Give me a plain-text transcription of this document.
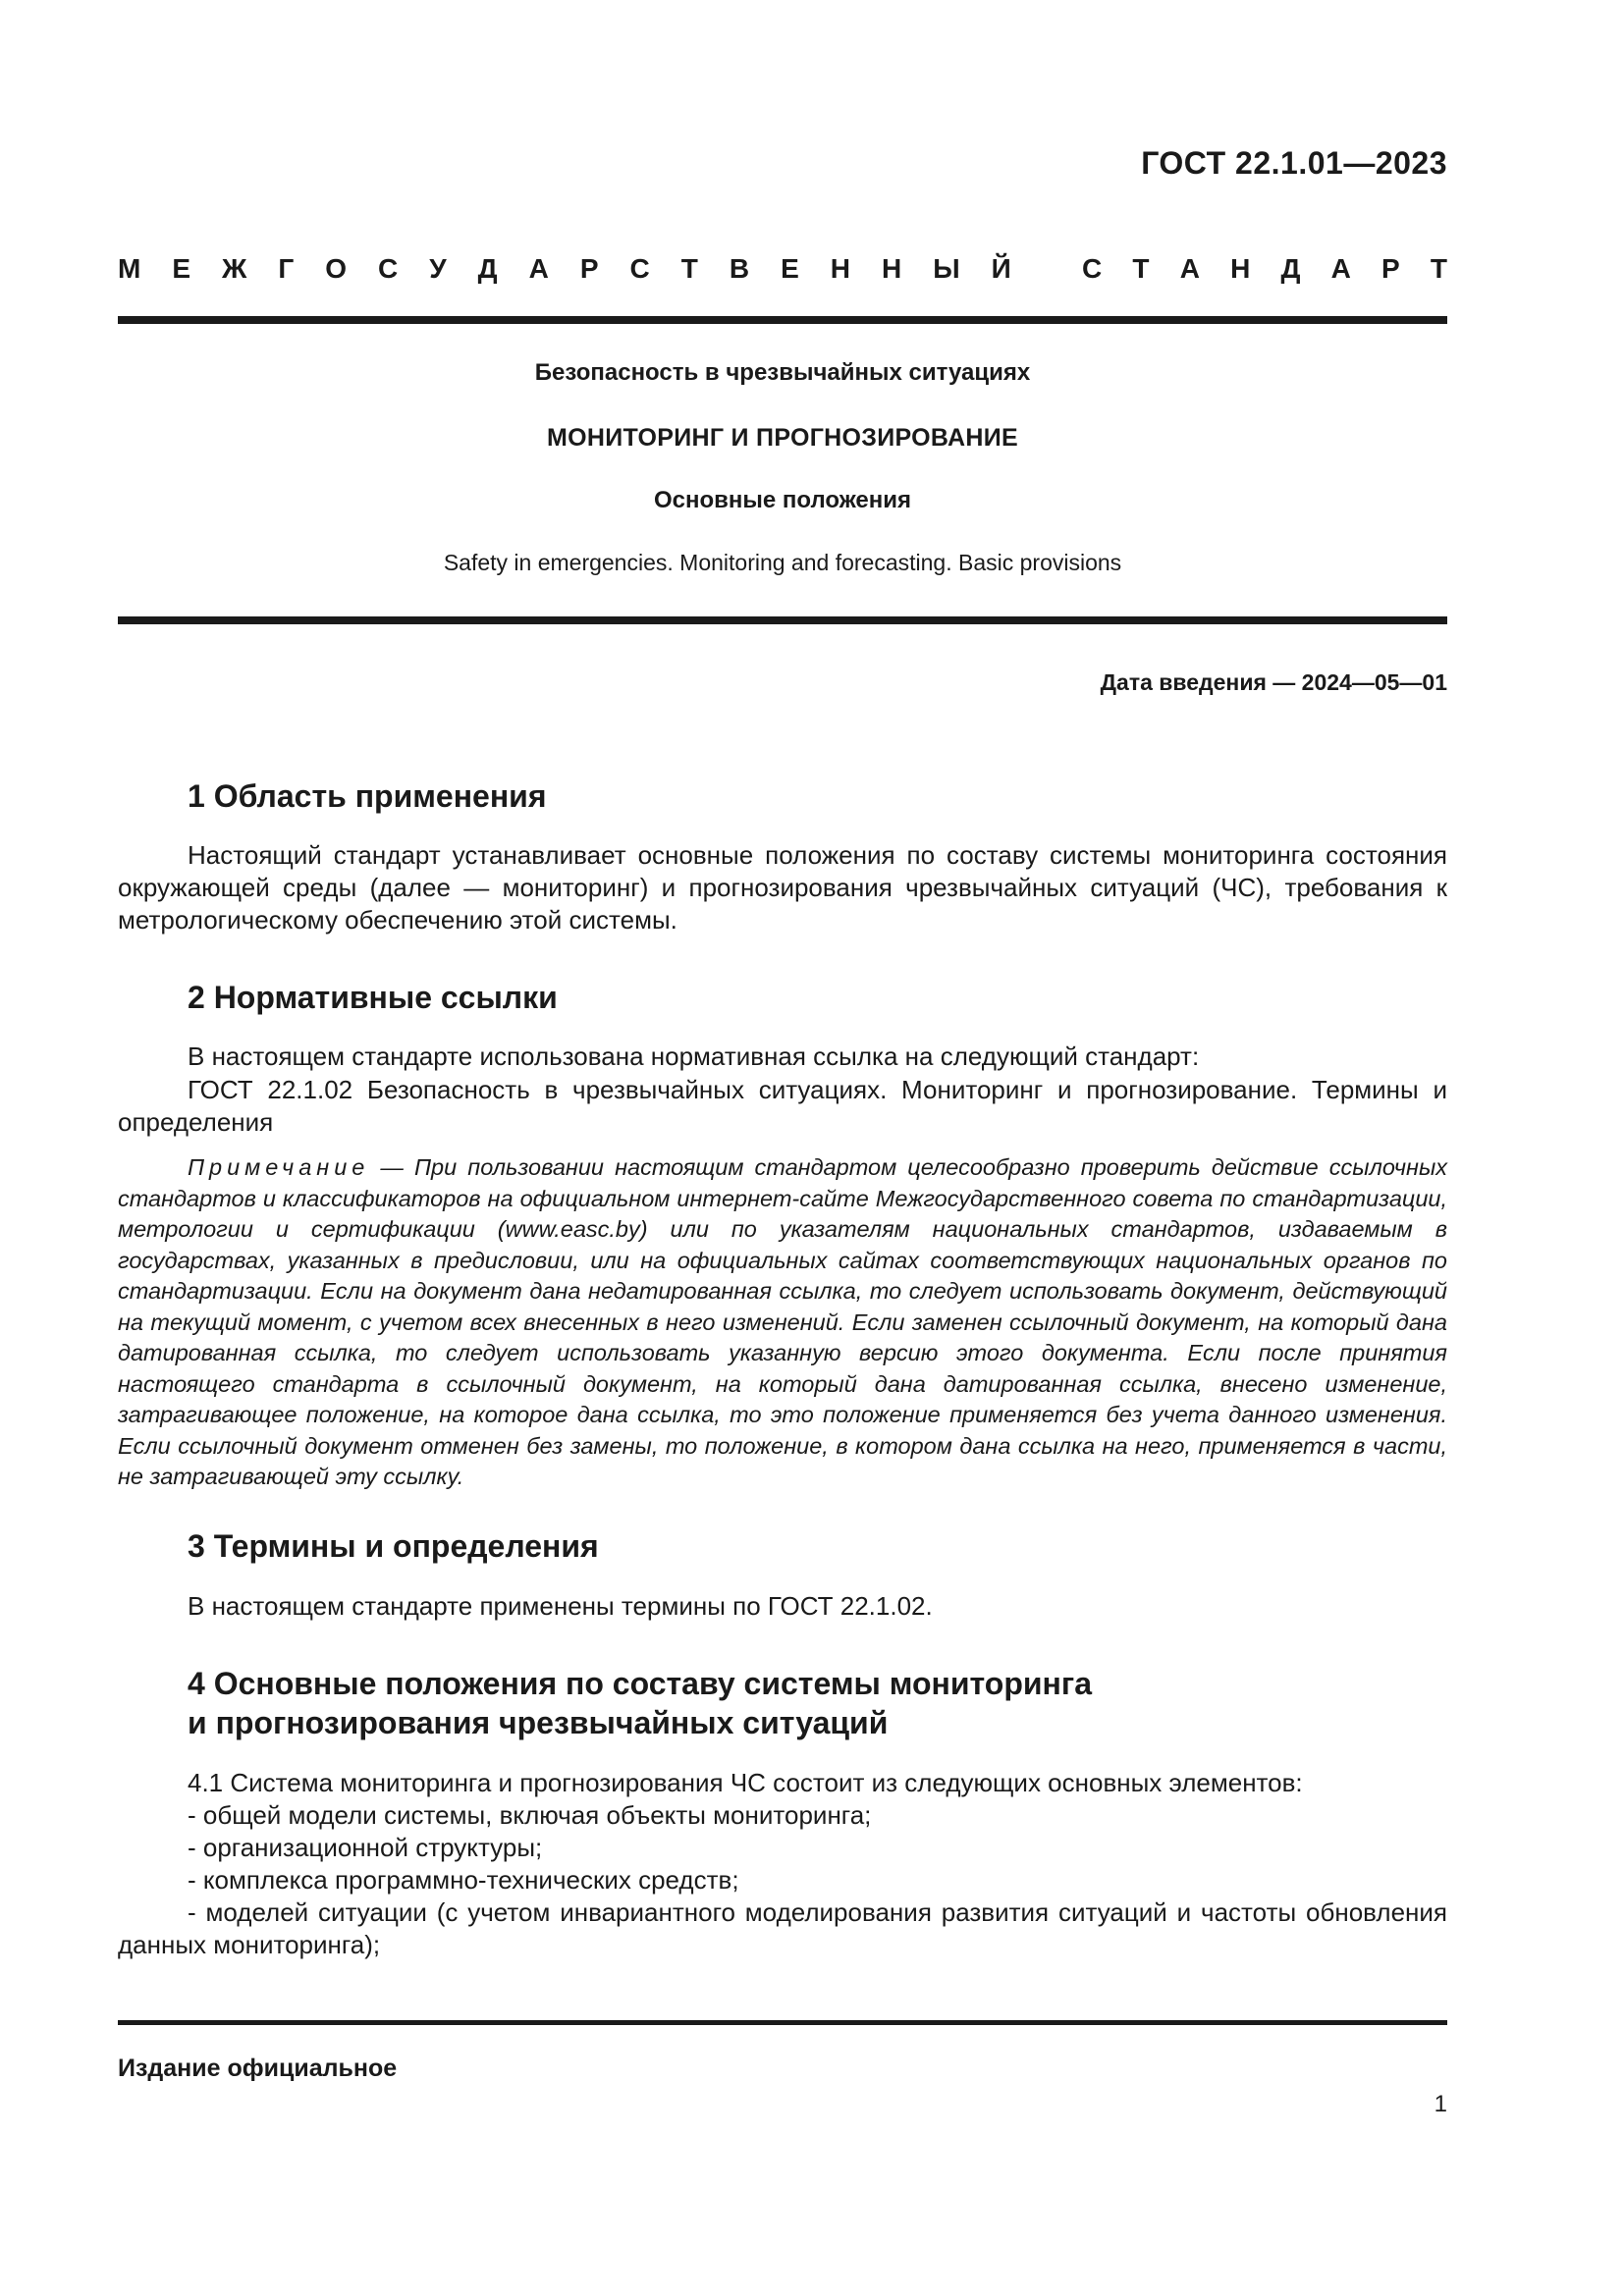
ГОСТ 22.1.01—2023
М Е Ж Г О С У Д А Р С Т В Е Н Н Ы Й	С Т А Н Д А Р Т
Безопасность в чрезвычайных ситуациях
МОНИТОРИНГ И ПРОГНОЗИРОВАНИЕ
Основные положения
Safety in emergencies. Monitoring and forecasting. Basic provisions
Дата введения — 2024—05—01
1 Область применения

Настоящий стандарт устанавливает основные положения по составу системы мониторинга состояния окружающей среды (далее — мониторинг) и прогнозирования чрезвычайных ситуаций (ЧС), требования к метрологическому обеспечению этой системы.

2 Нормативные ссылки

В настоящем стандарте использована нормативная ссылка на следующий стандарт:

ГОСТ 22.1.02 Безопасность в чрезвычайных ситуациях. Мониторинг и прогнозирование. Термины и определения

Примечание — При пользовании настоящим стандартом целесообразно проверить действие ссылочных стандартов и классификаторов на официальном интернет-сайте Межгосударственного совета по стандартизации, метрологии и сертификации (www.easc.by) или по указателям национальных стандартов, издаваемым в государствах, указанных в предисловии, или на официальных сайтах соответствующих национальных органов по стандартизации. Если на документ дана недатированная ссылка, то следует использовать документ, действующий на текущий момент, с учетом всех внесенных в него изменений. Если заменен ссылочный документ, на который дана датированная ссылка, то следует использовать указанную версию этого документа. Если после принятия настоящего стандарта в ссылочный документ, на который дана датированная ссылка, внесено изменение, затрагивающее положение, на которое дана ссылка, то это положение применяется без учета данного изменения. Если ссылочный документ отменен без замены, то положение, в котором дана ссылка на него, применяется в части, не затрагивающей эту ссылку.

3 Термины и определения

В настоящем стандарте применены термины по ГОСТ 22.1.02.

4 Основные положения по составу системы мониторинга
и прогнозирования чрезвычайных ситуаций

4.1 Система мониторинга и прогнозирования ЧС состоит из следующих основных элементов:

- общей модели системы, включая объекты мониторинга;
- организационной структуры;
- комплекса программно-технических средств;

- моделей ситуации (с учетом инвариантного моделирования развития ситуаций и частоты обновления данных мониторинга);

Издание официальное
1
